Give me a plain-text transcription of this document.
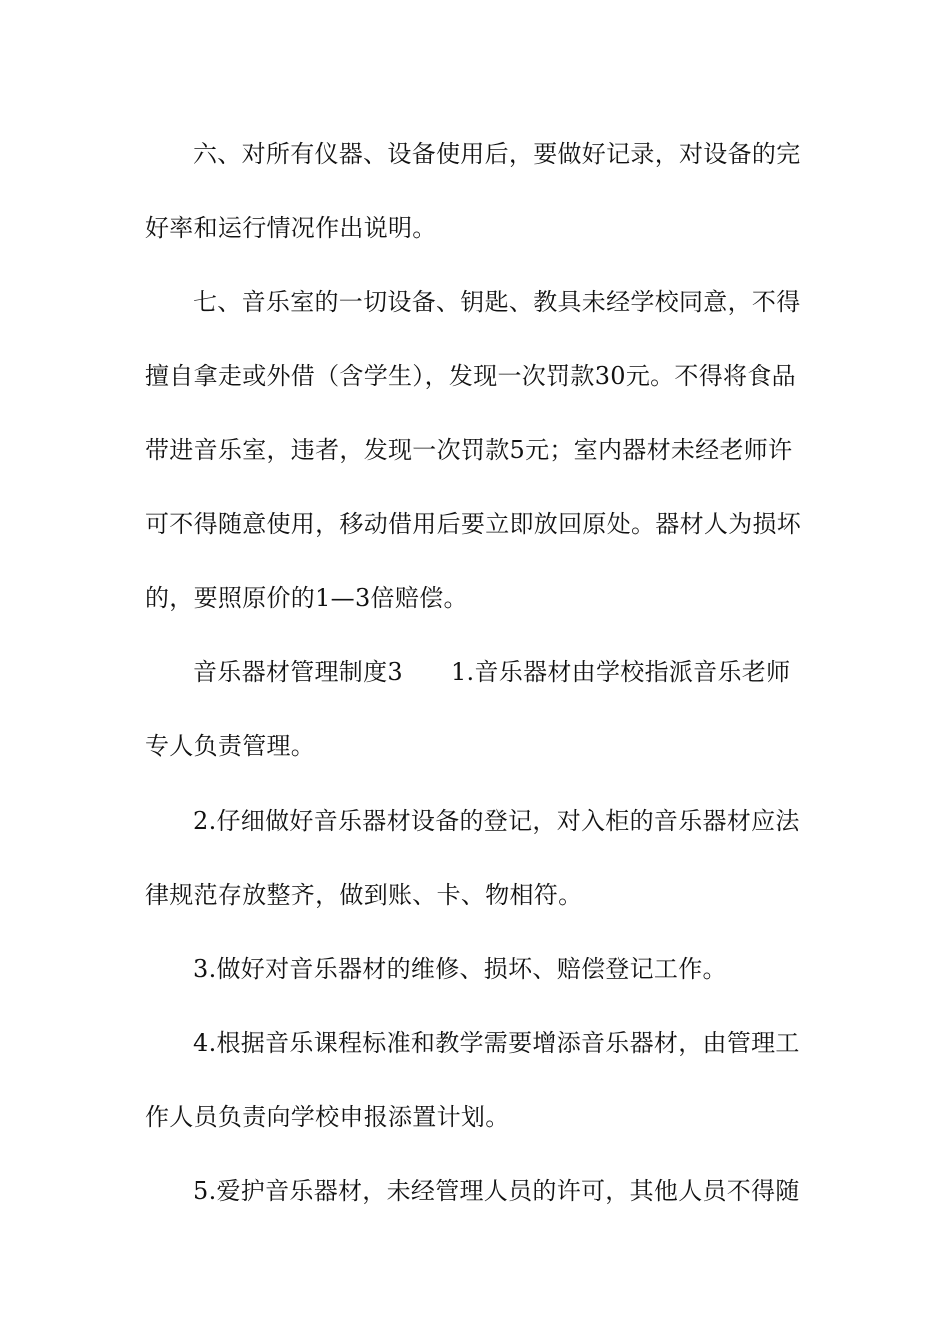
六、对所有仪器、设备使用后，要做好记录，对设备的完
好率和运行情况作出说明。
七、音乐室的一切设备、钥匙、教具未经学校同意，不得
擅自拿走或外借（含学生），发现一次罚款30元。不得将食品
带进音乐室，违者，发现一次罚款5元；室内器材未经老师许
可不得随意使用，移动借用后要立即放回原处。器材人为损坏
的，要照原价的1—3倍赔偿。
音乐器材管理制度3 1.音乐器材由学校指派音乐老师
专人负责管理。
2.仔细做好音乐器材设备的登记，对入柜的音乐器材应法
律规范存放整齐，做到账、卡、物相符。
3.做好对音乐器材的维修、损坏、赔偿登记工作。
4.根据音乐课程标准和教学需要增添音乐器材，由管理工
作人员负责向学校申报添置计划。
5.爱护音乐器材，未经管理人员的许可，其他人员不得随
